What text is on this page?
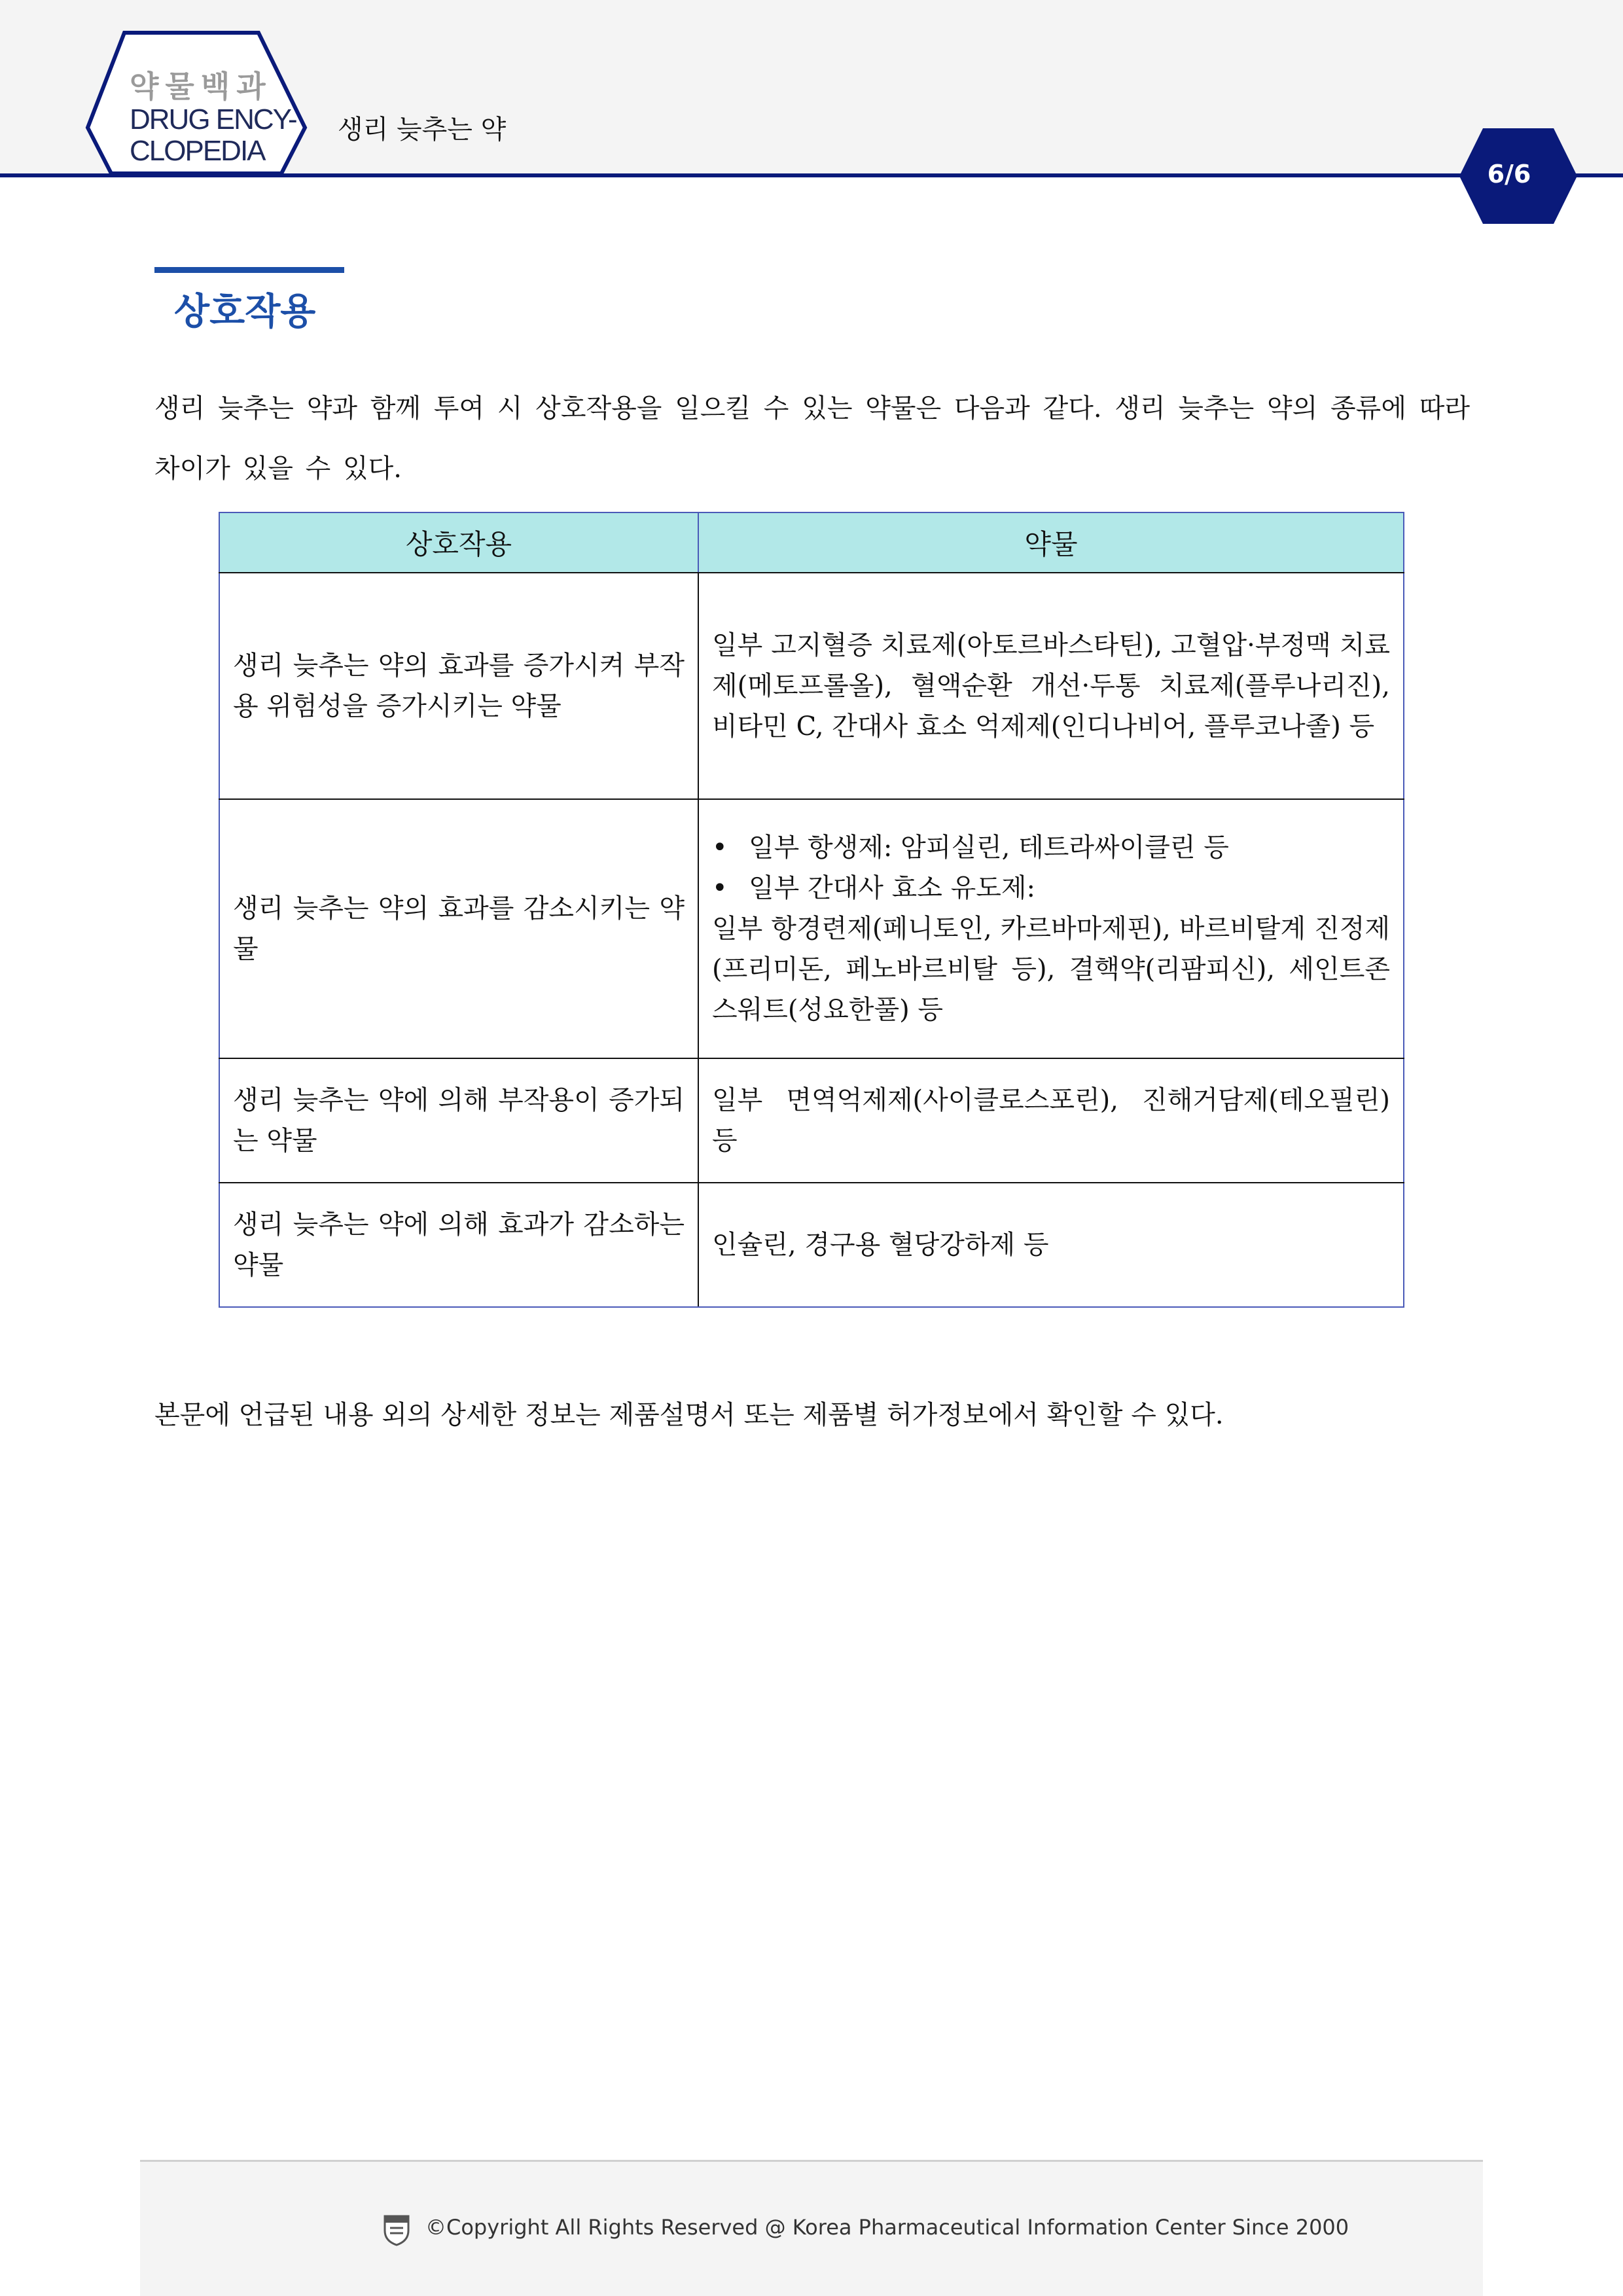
약물백과
DRUG ENCY-
CLOPEDIA
생리 늦추는 약
6/6
상호작용
생리 늦추는 약과 함께 투여 시 상호작용을 일으킬 수 있는 약물은 다음과 같다. 생리 늦추는 약의 종류에 따라 차이가 있을 수 있다.
상호작용	약물
생리 늦추는 약의 효과를 증가시켜 부작용 위험성을 증가시키는 약물	일부 고지혈증 치료제(아토르바스타틴), 고혈압·부정맥 치료제(메토프롤올), 혈액순환 개선·두통 치료제(플루나리진), 비타민 C, 간대사 효소 억제제(인디나비어, 플루코나졸) 등
생리 늦추는 약의 효과를 감소시키는 약물	• 일부 항생제: 암피실린, 테트라싸이클린 등
• 일부 간대사 효소 유도제:
일부 항경련제(페니토인, 카르바마제핀), 바르비탈계 진정제(프리미돈, 페노바르비탈 등), 결핵약(리팜피신), 세인트존스워트(성요한풀) 등
생리 늦추는 약에 의해 부작용이 증가되는 약물	일부 면역억제제(사이클로스포린), 진해거담제(테오필린) 등
생리 늦추는 약에 의해 효과가 감소하는 약물	인슐린, 경구용 혈당강하제 등
본문에 언급된 내용 외의 상세한 정보는 제품설명서 또는 제품별 허가정보에서 확인할 수 있다.
©Copyright All Rights Reserved @ Korea Pharmaceutical Information Center Since 2000
